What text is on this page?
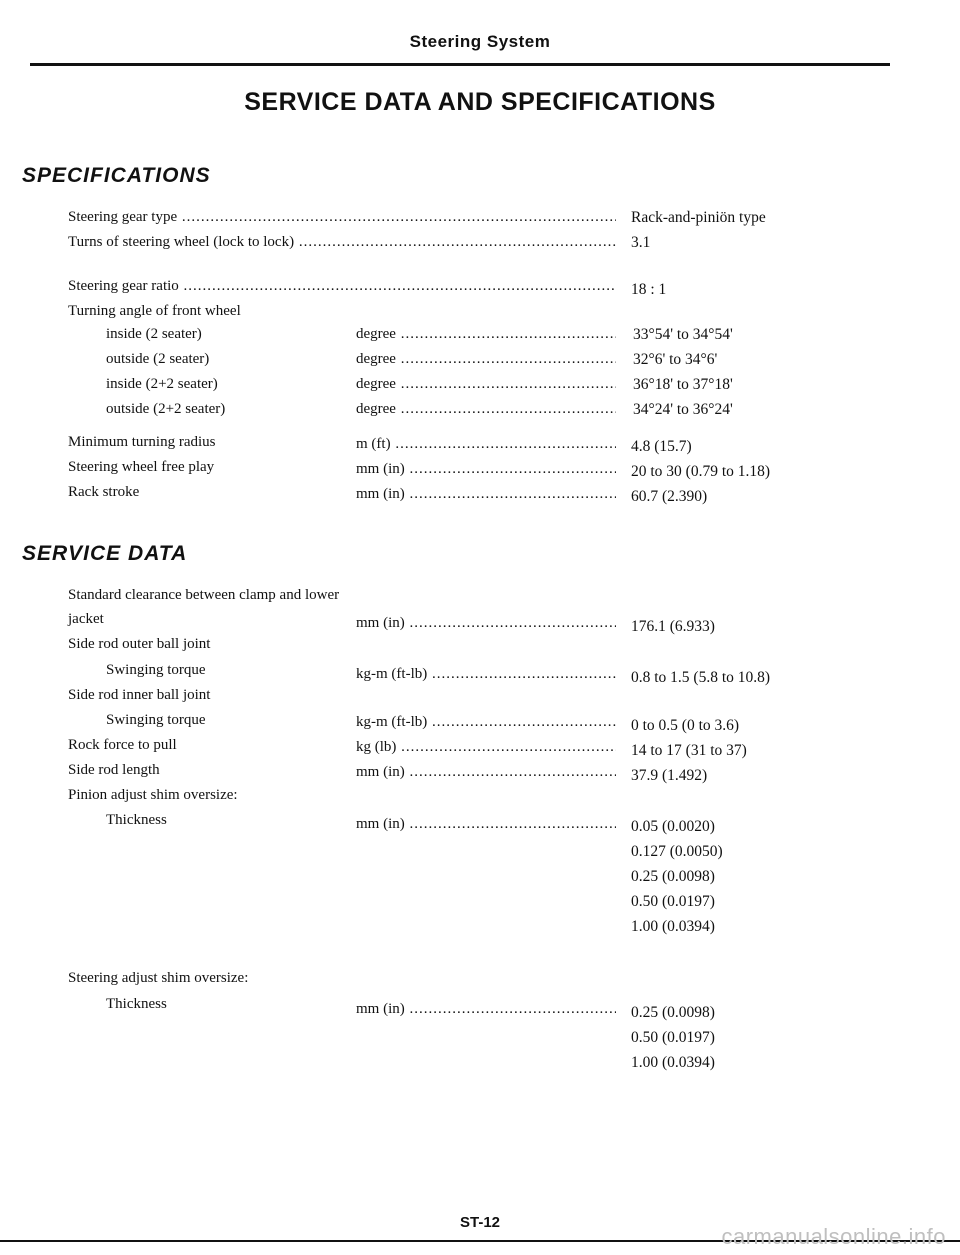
Steering System
SERVICE DATA AND SPECIFICATIONS
SPECIFICATIONS
Steering gear type .....	Rack-and-piniön type
Turns of steering wheel (lock to lock) .....	3.1
Steering gear ratio .....	18 : 1
Turning angle of front wheel
inside (2 seater)	degree .....	33°54' to 34°54'
outside (2 seater)	degree .....	32°6' to 34°6'
inside (2+2 seater)	degree .....	36°18' to 37°18'
outside (2+2 seater)	degree .....	34°24' to 36°24'
Minimum turning radius	m (ft) .....	4.8 (15.7)
Steering wheel free play	mm (in) .....	20 to 30 (0.79 to 1.18)
Rack stroke	mm (in) .....	60.7 (2.390)
SERVICE DATA
Standard clearance between clamp and lower
jacket	mm (in) .....	176.1 (6.933)
Side rod outer ball joint
Swinging torque	kg-m (ft-lb) .....	0.8 to 1.5 (5.8 to 10.8)
Side rod inner ball joint
Swinging torque	kg-m (ft-lb) .....	0 to 0.5 (0 to 3.6)
Rock force to pull	kg (lb) .....	14 to 17 (31 to 37)
Side rod length	mm (in) .....	37.9 (1.492)
Pinion adjust shim oversize:
Thickness	mm (in) .....	0.05 (0.0020)
0.127 (0.0050)
0.25 (0.0098)
0.50 (0.0197)
1.00 (0.0394)
Steering adjust shim oversize:
Thickness	mm (in) .....	0.25 (0.0098)
0.50 (0.0197)
1.00 (0.0394)
ST-12
carmanualsonline.info
